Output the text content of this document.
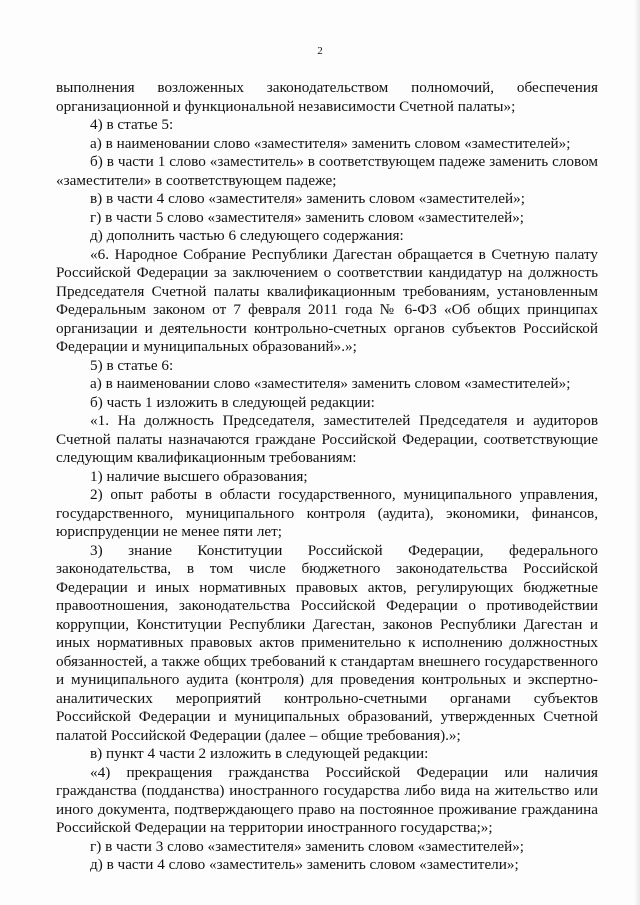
2

выполнения возложенных законодательством полномочий, обеспечения организационной и функциональной независимости Счетной палаты»;

4) в статье 5:

а) в наименовании слово «заместителя» заменить словом «заместителей»;

б) в части 1 слово «заместитель» в соответствующем падеже заменить словом «заместители» в соответствующем падеже;

в) в части 4 слово «заместителя» заменить словом «заместителей»;

г) в части 5 слово «заместителя» заменить словом «заместителей»;

д) дополнить частью 6 следующего содержания:

«6. Народное Собрание Республики Дагестан обращается в Счетную палату Российской Федерации за заключением о соответствии кандидатур на должность Председателя Счетной палаты квалификационным требованиям, установленным Федеральным законом от 7 февраля 2011 года № 6-ФЗ «Об общих принципах организации и деятельности контрольно-счетных органов субъектов Российской Федерации и муниципальных образований».»;

5) в статье 6:

а) в наименовании слово «заместителя» заменить словом «заместителей»;

б) часть 1 изложить в следующей редакции:

«1. На должность Председателя, заместителей Председателя и аудиторов Счетной палаты назначаются граждане Российской Федерации, соответствующие следующим квалификационным требованиям:

1) наличие высшего образования;

2) опыт работы в области государственного, муниципального управления, государственного, муниципального контроля (аудита), экономики, финансов, юриспруденции не менее пяти лет;

3) знание Конституции Российской Федерации, федерального законодательства, в том числе бюджетного законодательства Российской Федерации и иных нормативных правовых актов, регулирующих бюджетные правоотношения, законодательства Российской Федерации о противодействии коррупции, Конституции Республики Дагестан, законов Республики Дагестан и иных нормативных правовых актов применительно к исполнению должностных обязанностей, а также общих требований к стандартам внешнего государственного и муниципального аудита (контроля) для проведения контрольных и экспертно-аналитических мероприятий контрольно-счетными органами субъектов Российской Федерации и муниципальных образований, утвержденных Счетной палатой Российской Федерации (далее – общие требования).»;

в) пункт 4 части 2 изложить в следующей редакции:

«4) прекращения гражданства Российской Федерации или наличия гражданства (подданства) иностранного государства либо вида на жительство или иного документа, подтверждающего право на постоянное проживание гражданина Российской Федерации на территории иностранного государства;»;

г) в части 3 слово «заместителя» заменить словом «заместителей»;

д) в части 4 слово «заместитель» заменить словом «заместители»;
